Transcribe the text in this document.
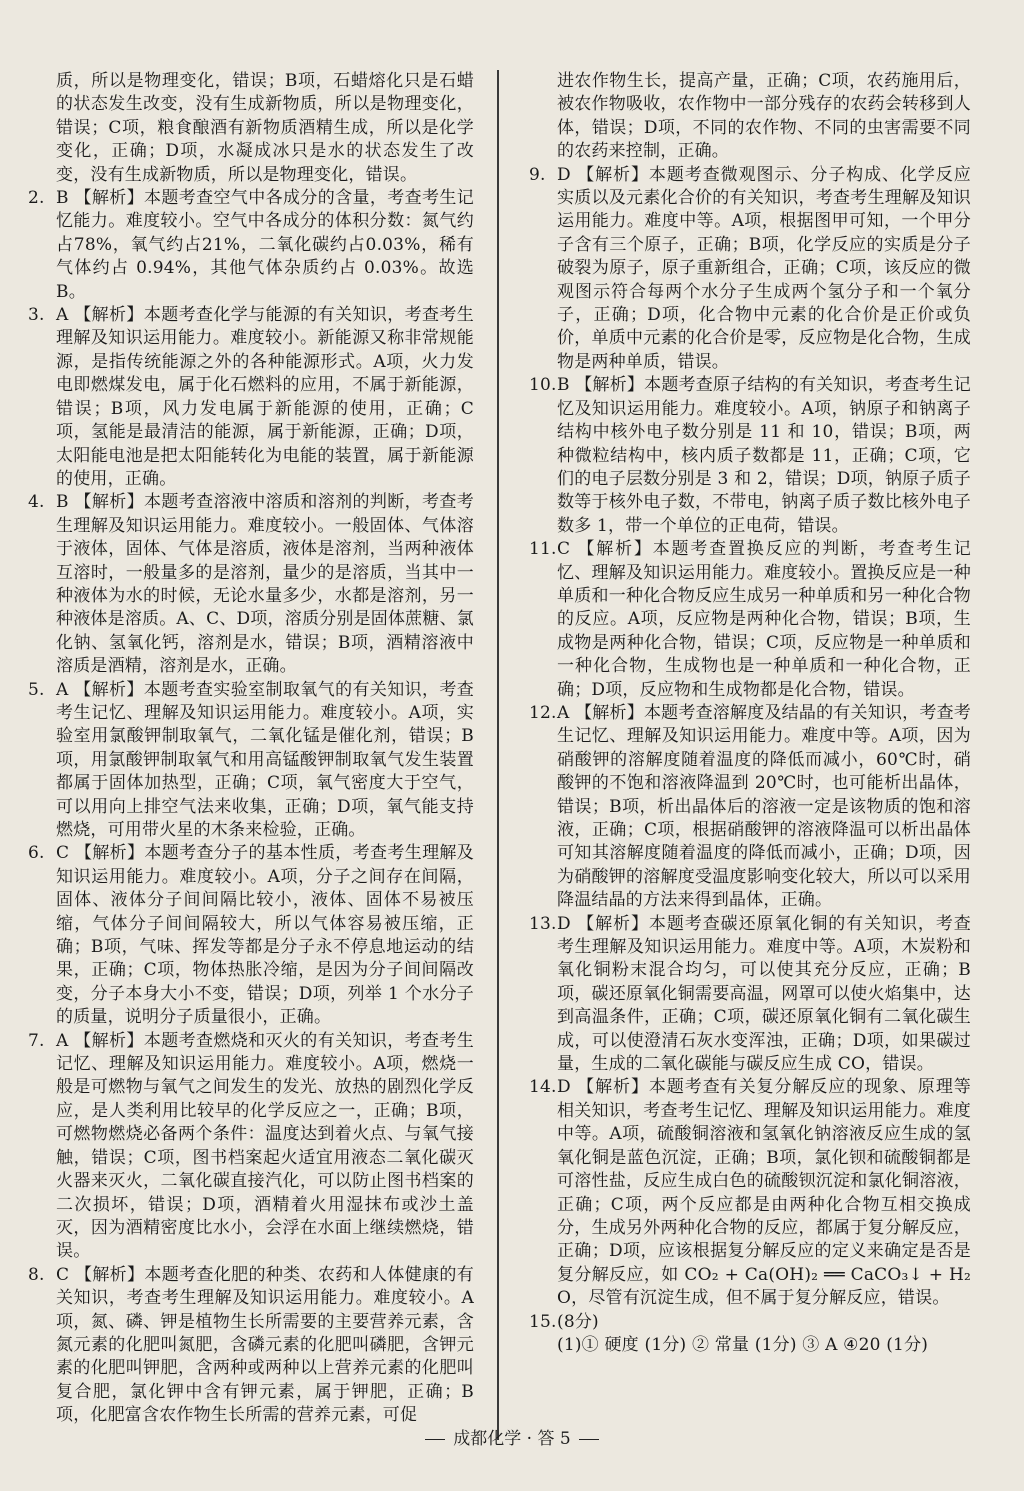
质，所以是物理变化，错误；B项，石蜡熔化只是石蜡的状态发生改变，没有生成新物质，所以是物理变化，错误；C项，粮食酿酒有新物质酒精生成，所以是化学变化，正确；D项，水凝成冰只是水的状态发生了改变，没有生成新物质，所以是物理变化，错误。
2. B 【解析】本题考查空气中各成分的含量，考查考生记忆能力。难度较小。空气中各成分的体积分数：氮气约占78%，氧气约占21%，二氧化碳约占0.03%，稀有气体约占 0.94%，其他气体杂质约占 0.03%。故选 B。
3. A 【解析】本题考查化学与能源的有关知识，考查考生理解及知识运用能力。难度较小。新能源又称非常规能源，是指传统能源之外的各种能源形式。A项，火力发电即燃煤发电，属于化石燃料的应用，不属于新能源，错误；B项，风力发电属于新能源的使用，正确；C项，氢能是最清洁的能源，属于新能源，正确；D项，太阳能电池是把太阳能转化为电能的装置，属于新能源的使用，正确。
4. B 【解析】本题考查溶液中溶质和溶剂的判断，考查考生理解及知识运用能力。难度较小。一般固体、气体溶于液体，固体、气体是溶质，液体是溶剂，当两种液体互溶时，一般量多的是溶剂，量少的是溶质，当其中一种液体为水的时候，无论水量多少，水都是溶剂，另一种液体是溶质。A、C、D项，溶质分别是固体蔗糖、氯化钠、氢氧化钙，溶剂是水，错误；B项，酒精溶液中溶质是酒精，溶剂是水，正确。
5. A 【解析】本题考查实验室制取氧气的有关知识，考查考生记忆、理解及知识运用能力。难度较小。A项，实验室用氯酸钾制取氧气，二氧化锰是催化剂，错误；B项，用氯酸钾制取氧气和用高锰酸钾制取氧气发生装置都属于固体加热型，正确；C项，氧气密度大于空气，可以用向上排空气法来收集，正确；D项，氧气能支持燃烧，可用带火星的木条来检验，正确。
6. C 【解析】本题考查分子的基本性质，考查考生理解及知识运用能力。难度较小。A项，分子之间存在间隔，固体、液体分子间间隔比较小，液体、固体不易被压缩，气体分子间间隔较大，所以气体容易被压缩，正确；B项，气味、挥发等都是分子永不停息地运动的结果，正确；C项，物体热胀冷缩，是因为分子间间隔改变，分子本身大小不变，错误；D项，列举 1 个水分子的质量，说明分子质量很小，正确。
7. A 【解析】本题考查燃烧和灭火的有关知识，考查考生记忆、理解及知识运用能力。难度较小。A项，燃烧一般是可燃物与氧气之间发生的发光、放热的剧烈化学反应，是人类利用比较早的化学反应之一，正确；B项，可燃物燃烧必备两个条件：温度达到着火点、与氧气接触，错误；C项，图书档案起火适宜用液态二氧化碳灭火器来灭火，二氧化碳直接汽化，可以防止图书档案的二次损坏，错误；D项，酒精着火用湿抹布或沙土盖灭，因为酒精密度比水小，会浮在水面上继续燃烧，错误。
8. C 【解析】本题考查化肥的种类、农药和人体健康的有关知识，考查考生理解及知识运用能力。难度较小。A项，氮、磷、钾是植物生长所需要的主要营养元素，含氮元素的化肥叫氮肥，含磷元素的化肥叫磷肥，含钾元素的化肥叫钾肥，含两种或两种以上营养元素的化肥叫复合肥，氯化钾中含有钾元素，属于钾肥，正确；B项，化肥富含农作物生长所需的营养元素，可促
进农作物生长，提高产量，正确；C项，农药施用后，被农作物吸收，农作物中一部分残存的农药会转移到人体，错误；D项，不同的农作物、不同的虫害需要不同的农药来控制，正确。
9. D 【解析】本题考查微观图示、分子构成、化学反应实质以及元素化合价的有关知识，考查考生理解及知识运用能力。难度中等。A项，根据图甲可知，一个甲分子含有三个原子，正确；B项，化学反应的实质是分子破裂为原子，原子重新组合，正确；C项，该反应的微观图示符合每两个水分子生成两个氢分子和一个氧分子，正确；D项，化合物中元素的化合价是正价或负价，单质中元素的化合价是零，反应物是化合物，生成物是两种单质，错误。
10. B 【解析】本题考查原子结构的有关知识，考查考生记忆及知识运用能力。难度较小。A项，钠原子和钠离子结构中核外电子数分别是 11 和 10，错误；B项，两种微粒结构中，核内质子数都是 11，正确；C项，它们的电子层数分别是 3 和 2，错误；D项，钠原子质子数等于核外电子数，不带电，钠离子质子数比核外电子数多 1，带一个单位的正电荷，错误。
11. C 【解析】本题考查置换反应的判断，考查考生记忆、理解及知识运用能力。难度较小。置换反应是一种单质和一种化合物反应生成另一种单质和另一种化合物的反应。A项，反应物是两种化合物，错误；B项，生成物是两种化合物，错误；C项，反应物是一种单质和一种化合物，生成物也是一种单质和一种化合物，正确；D项，反应物和生成物都是化合物，错误。
12. A 【解析】本题考查溶解度及结晶的有关知识，考查考生记忆、理解及知识运用能力。难度中等。A项，因为硝酸钾的溶解度随着温度的降低而减小，60℃时，硝酸钾的不饱和溶液降温到 20℃时，也可能析出晶体，错误；B项，析出晶体后的溶液一定是该物质的饱和溶液，正确；C项，根据硝酸钾的溶液降温可以析出晶体可知其溶解度随着温度的降低而减小，正确；D项，因为硝酸钾的溶解度受温度影响变化较大，所以可以采用降温结晶的方法来得到晶体，正确。
13. D 【解析】本题考查碳还原氧化铜的有关知识，考查考生理解及知识运用能力。难度中等。A项，木炭粉和氧化铜粉末混合均匀，可以使其充分反应，正确；B项，碳还原氧化铜需要高温，网罩可以使火焰集中，达到高温条件，正确；C项，碳还原氧化铜有二氧化碳生成，可以使澄清石灰水变浑浊，正确；D项，如果碳过量，生成的二氧化碳能与碳反应生成 CO，错误。
14. D 【解析】本题考查有关复分解反应的现象、原理等相关知识，考查考生记忆、理解及知识运用能力。难度中等。A项，硫酸铜溶液和氢氧化钠溶液反应生成的氢氧化铜是蓝色沉淀，正确；B项，氯化钡和硫酸铜都是可溶性盐，反应生成白色的硫酸钡沉淀和氯化铜溶液，正确；C项，两个反应都是由两种化合物互相交换成分，生成另外两种化合物的反应，都属于复分解反应，正确；D项，应该根据复分解反应的定义来确定是否是复分解反应，如 CO₂ + Ca(OH)₂ ══ CaCO₃↓ + H₂O，尽管有沉淀生成，但不属于复分解反应，错误。
15. (8分)
(1)① 硬度 (1分) ② 常量 (1分) ③ A ④20 (1分)
成都化学 · 答 5
